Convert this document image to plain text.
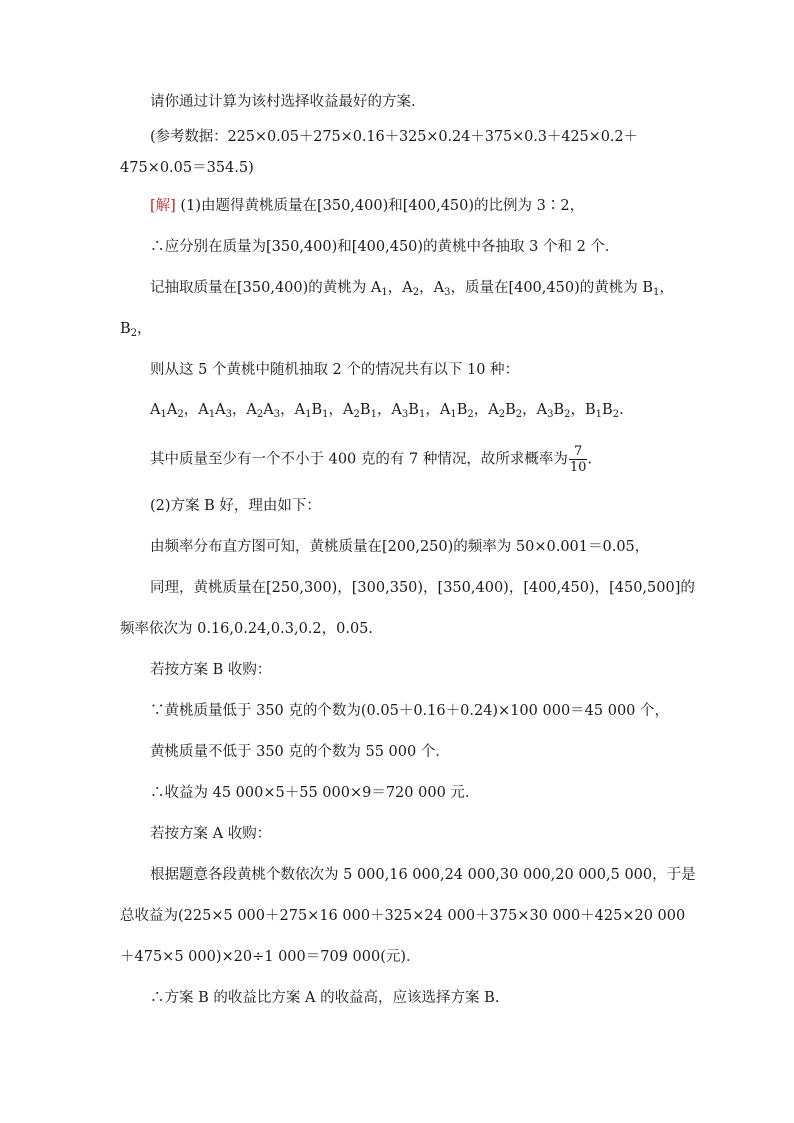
请你通过计算为该村选择收益最好的方案.
(参考数据：225×0.05＋275×0.16＋325×0.24＋375×0.3＋425×0.2＋
475×0.05＝354.5)
[解] (1)由题得黄桃质量在[350,400)和[400,450)的比例为 3∶2，
∴应分别在质量为[350,400)和[400,450)的黄桃中各抽取 3 个和 2 个．
记抽取质量在[350,400)的黄桃为 $A_1$，$A_2$，$A_3$，质量在[400,450)的黄桃为 $B_1$，
$B_2$，
则从这 5 个黄桃中随机抽取 2 个的情况共有以下 10 种：
$A_1A_2$，$A_1A_3$，$A_2A_3$，$A_1B_1$，$A_2B_1$，$A_3B_1$，$A_1B_2$，$A_2B_2$，$A_3B_2$，$B_1B_2$.
其中质量至少有一个不小于 400 克的有 7 种情况，故所求概率为 $\frac{7}{10}$ .
(2)方案 B 好，理由如下：
由频率分布直方图可知，黄桃质量在[200,250)的频率为 50×0.001＝0.05，
同理，黄桃质量在[250,300)，[300,350)，[350,400)，[400,450)，[450,500]的
频率依次为 0.16,0.24,0.3,0.2，0.05.
若按方案 B 收购：
∵黄桃质量低于 350 克的个数为(0.05＋0.16＋0.24)×100 000＝45 000 个，
黄桃质量不低于 350 克的个数为 55 000 个．
∴收益为 45 000×5＋55 000×9＝720 000 元．
若按方案 A 收购：
根据题意各段黄桃个数依次为 5 000,16 000,24 000,30 000,20 000,5 000，于是
总收益为(225×5 000＋275×16 000＋325×24 000＋375×30 000＋425×20 000
＋475×5 000)×20÷1 000＝709 000(元)．
∴方案 B 的收益比方案 A 的收益高，应该选择方案 B.
